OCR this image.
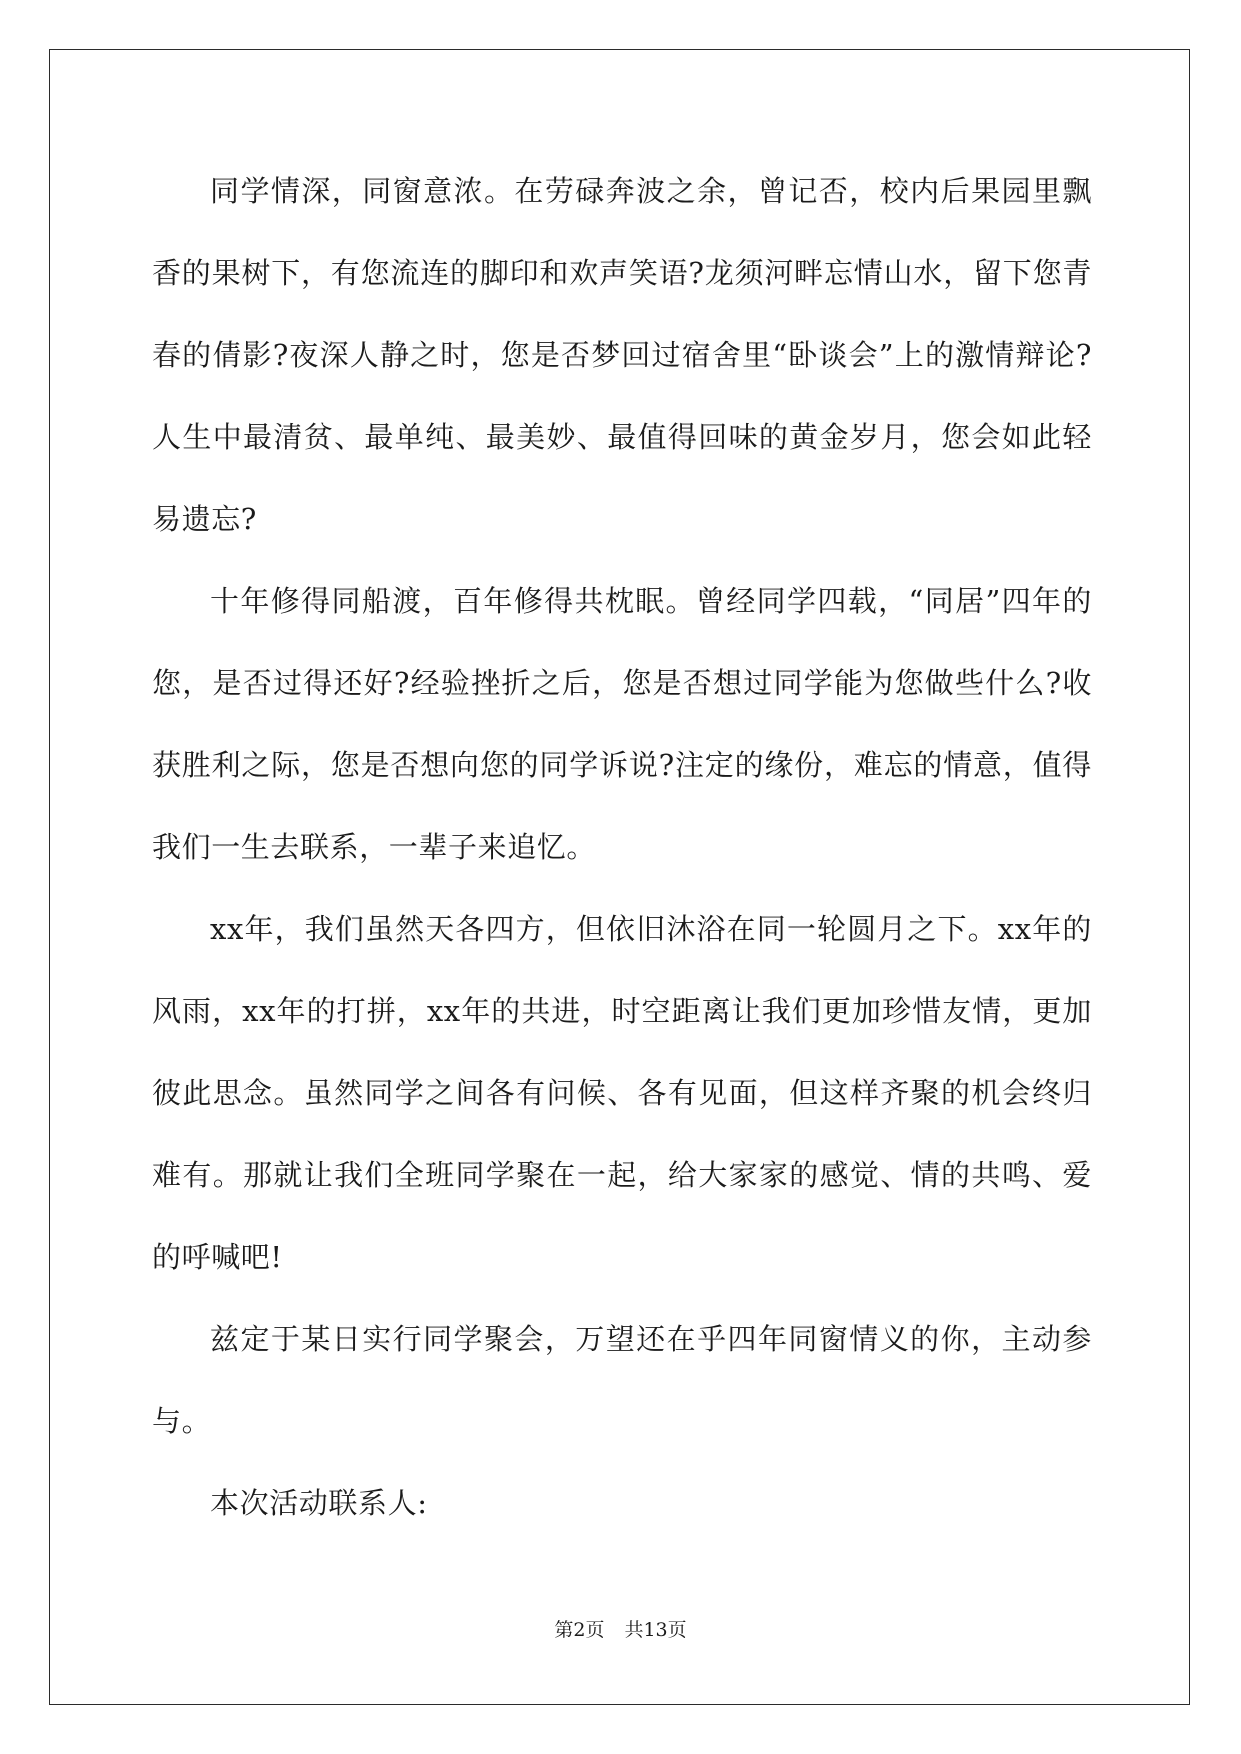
同学情深，同窗意浓。在劳碌奔波之余，曾记否，校内后果园里飘香的果树下，有您流连的脚印和欢声笑语?龙须河畔忘情山水，留下您青春的倩影?夜深人静之时，您是否梦回过宿舍里“卧谈会”上的激情辩论?人生中最清贫、最单纯、最美妙、最值得回味的黄金岁月，您会如此轻易遗忘?

十年修得同船渡，百年修得共枕眠。曾经同学四载，“同居”四年的您，是否过得还好?经验挫折之后，您是否想过同学能为您做些什么?收获胜利之际，您是否想向您的同学诉说?注定的缘份，难忘的情意，值得我们一生去联系，一辈子来追忆。

xx年，我们虽然天各四方，但依旧沐浴在同一轮圆月之下。xx年的风雨，xx年的打拼，xx年的共进，时空距离让我们更加珍惜友情，更加彼此思念。虽然同学之间各有问候、各有见面，但这样齐聚的机会终归难有。那就让我们全班同学聚在一起，给大家家的感觉、情的共鸣、爱的呼喊吧!

兹定于某日实行同学聚会，万望还在乎四年同窗情义的你，主动参与。

本次活动联系人:

第2页 共13页
